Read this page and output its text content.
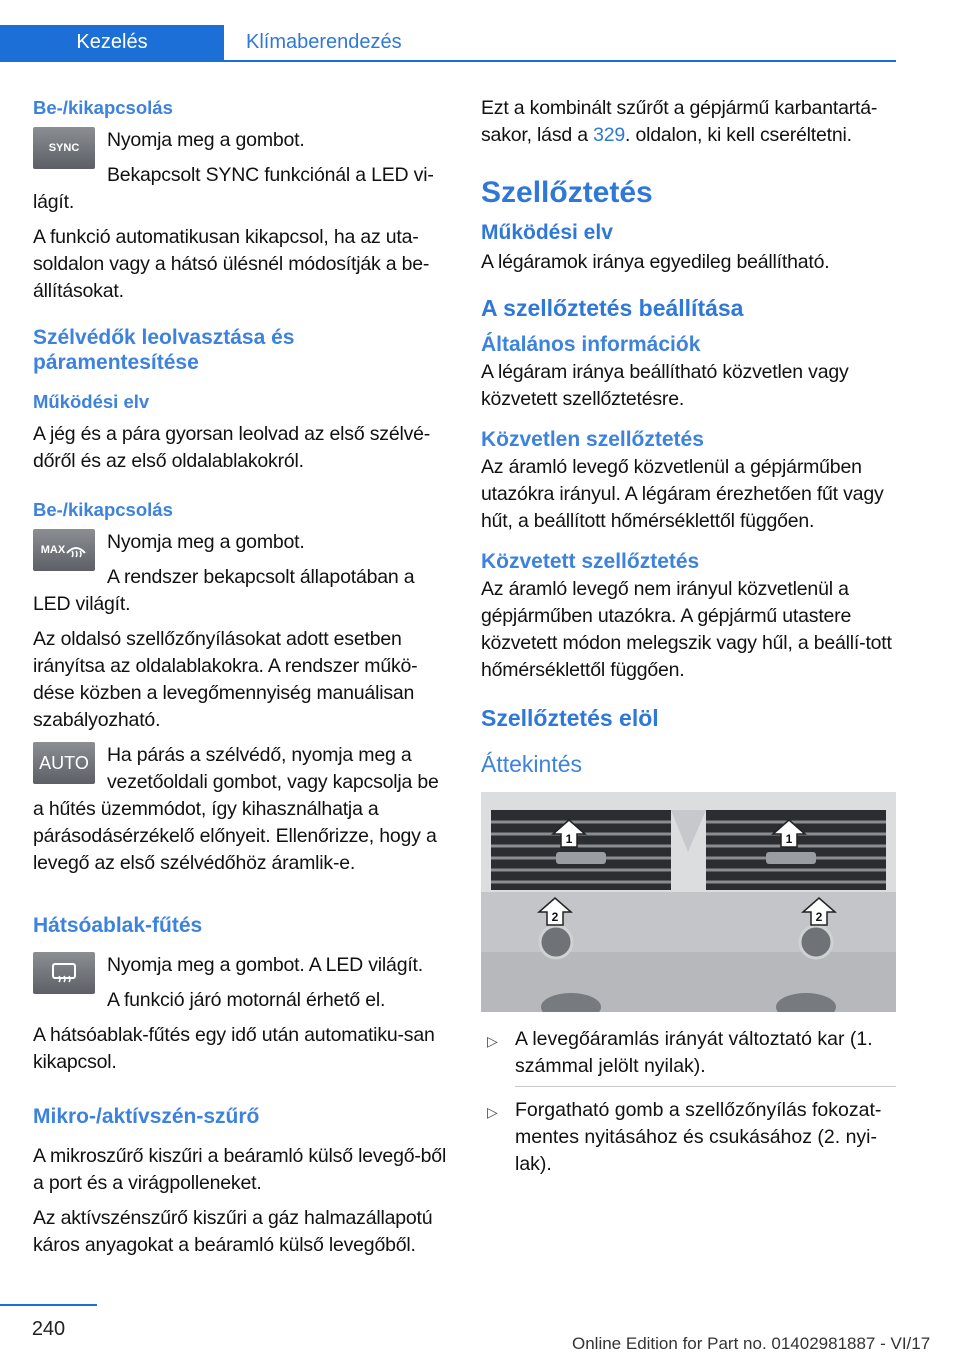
Kezelés	Klímaberendezés
Be-/kikapcsolás
SYNC	Nyomja meg a gombot.

Bekapcsolt SYNC funkciónál a LED vi-lágít.

A funkció automatikusan kikapcsol, ha az uta-soldalon vagy a hátsó ülésnél módosítják a be-állításokat.

Szélvédők leolvasztása és páramentesítése
Működési elv

A jég és a pára gyorsan leolvad az első szélvé-dőről és az első oldalablakokról.

Be-/kikapcsolás
MAX	Nyomja meg a gombot.

A rendszer bekapcsolt állapotában a LED világít.

Az oldalsó szellőzőnyílásokat adott esetben irányítsa az oldalablakokra. A rendszer műkö-dése közben a levegőmennyiség manuálisan szabályozható.

AUTO Ha párás a szélvédő, nyomja meg a vezetőoldali gombot, vagy kapcsolja be a hűtés üzemmódot, így kihasználhatja a párásodásérzékelő előnyeit. Ellenőrizze, hogy a levegő az első szélvédőhöz áramlik-e.

Hátsóablak-fűtés

Nyomja meg a gombot. A LED világít.

A funkció járó motornál érhető el.

A hátsóablak-fűtés egy idő után automatiku-san kikapcsol.

Mikro-/aktívszén-szűrő

A mikroszűrő kiszűri a beáramló külső levegő-ből a port és a virágpolleneket.

Az aktívszénszűrő kiszűri a gáz halmazállapotú káros anyagokat a beáramló külső levegőből.

Ezt a kombinált szűrőt a gépjármű karbantartá-sakor, lásd a 329. oldalon, ki kell cseréltetni.

Szellőztetés
Működési elv

A légáramok iránya egyedileg beállítható.

A szellőztetés beállítása
Általános információk

A légáram iránya beállítható közvetlen vagy közvetett szellőztetésre.

Közvetlen szellőztetés

Az áramló levegő közvetlenül a gépjárműben utazókra irányul. A légáram érezhetően fűt vagy hűt, a beállított hőmérséklettől függően.

Közvetett szellőztetés

Az áramló levegő nem irányul közvetlenül a gépjárműben utazókra. A gépjármű utastere közvetett módon melegszik vagy hűl, a beállí-tott hőmérséklettől függően.

Szellőztetés elöl
Áttekintés
1	1
2	2
▷ A levegőáramlás irányát változtató kar (1. számmal jelölt nyilak).
▷ Forgatható gomb a szellőzőnyílás fokozat-mentes nyitásához és csukásához (2. nyi-lak).
240
Online Edition for Part no. 01402981887 - VI/17
